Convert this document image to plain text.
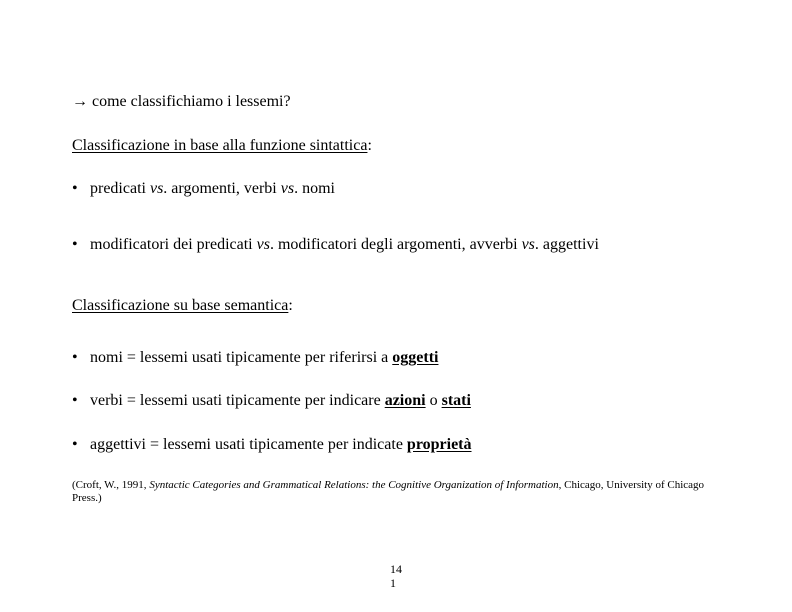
→ come classifichiamo i lessemi?
Classificazione in base alla funzione sintattica:
• predicati vs. argomenti, verbi vs. nomi
• modificatori dei predicati vs. modificatori degli argomenti, avverbi vs. aggettivi
Classificazione su base semantica:
• nomi = lessemi usati tipicamente per riferirsi a oggetti
• verbi = lessemi usati tipicamente per indicare azioni o stati
• aggettivi = lessemi usati tipicamente per indicate proprietà
(Croft, W., 1991, Syntactic Categories and Grammatical Relations: the Cognitive Organization of Information, Chicago, University of Chicago Press.)
14
1
